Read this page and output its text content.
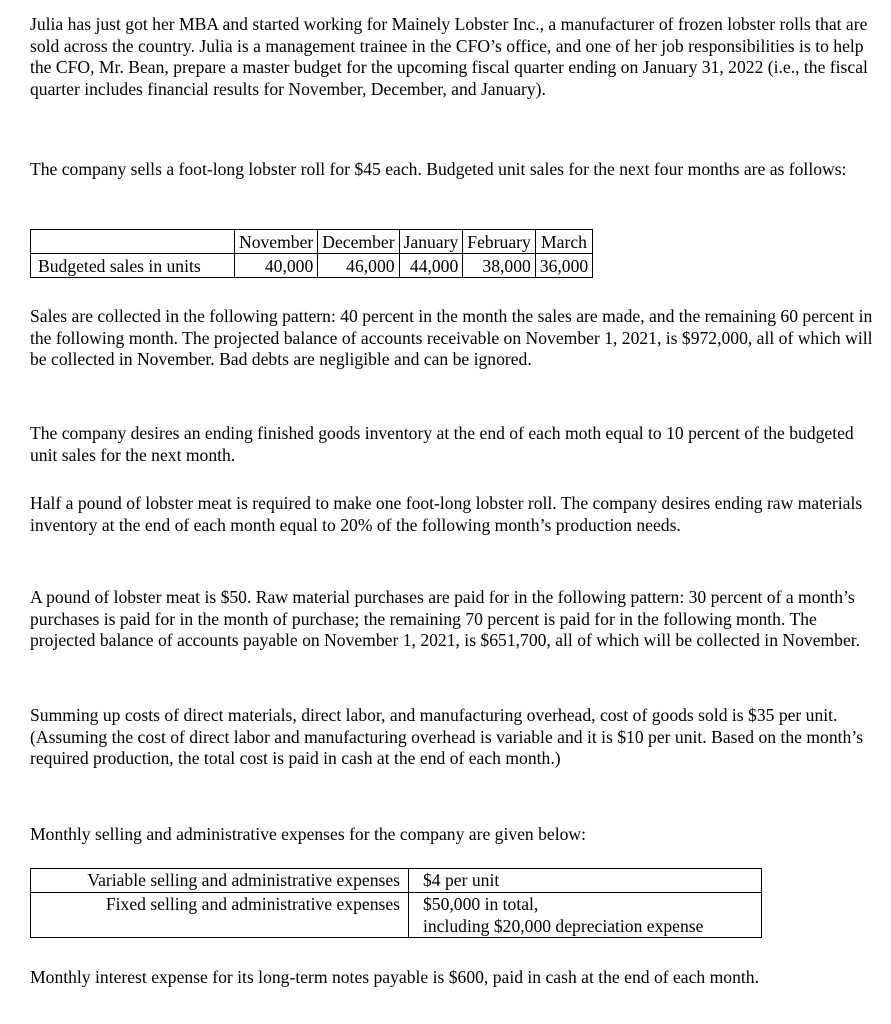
Julia has just got her MBA and started working for Mainely Lobster Inc., a manufacturer of frozen lobster rolls that are sold across the country. Julia is a management trainee in the CFO’s office, and one of her job responsibilities is to help the CFO, Mr. Bean, prepare a master budget for the upcoming fiscal quarter ending on January 31, 2022 (i.e., the fiscal quarter includes financial results for November, December, and January).

The company sells a foot-long lobster roll for $45 each. Budgeted unit sales for the next four months are as follows:

	November	December	January	February	March
Budgeted sales in units	40,000	46,000	44,000	38,000	36,000

Sales are collected in the following pattern: 40 percent in the month the sales are made, and the remaining 60 percent in the following month. The projected balance of accounts receivable on November 1, 2021, is $972,000, all of which will be collected in November. Bad debts are negligible and can be ignored.

The company desires an ending finished goods inventory at the end of each moth equal to 10 percent of the budgeted unit sales for the next month.

Half a pound of lobster meat is required to make one foot-long lobster roll. The company desires ending raw materials inventory at the end of each month equal to 20% of the following month’s production needs.

A pound of lobster meat is $50. Raw material purchases are paid for in the following pattern: 30 percent of a month’s purchases is paid for in the month of purchase; the remaining 70 percent is paid for in the following month. The projected balance of accounts payable on November 1, 2021, is $651,700, all of which will be collected in November.

Summing up costs of direct materials, direct labor, and manufacturing overhead, cost of goods sold is $35 per unit. (Assuming the cost of direct labor and manufacturing overhead is variable and it is $10 per unit. Based on the month’s required production, the total cost is paid in cash at the end of each month.)

Monthly selling and administrative expenses for the company are given below:

Variable selling and administrative expenses	$4 per unit
Fixed selling and administrative expenses	$50,000 in total,
including $20,000 depreciation expense

Monthly interest expense for its long-term notes payable is $600, paid in cash at the end of each month.
